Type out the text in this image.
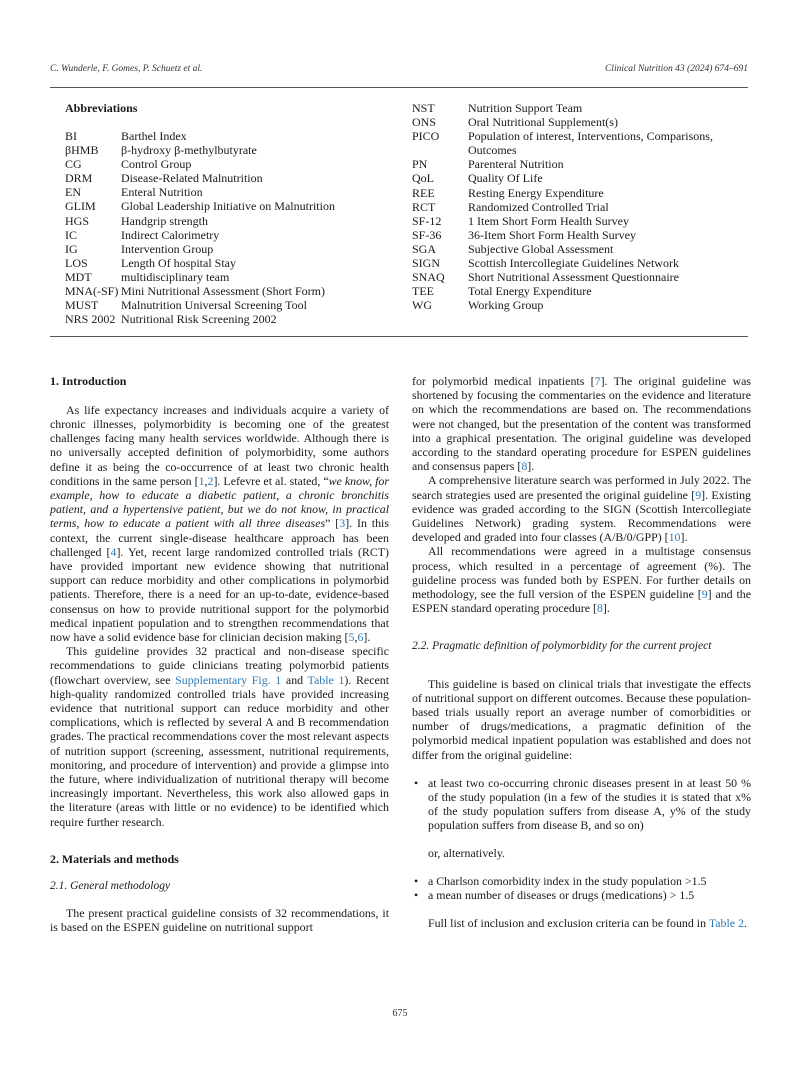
C. Wunderle, F. Gomes, P. Schuetz et al.	Clinical Nutrition 43 (2024) 674–691
Abbreviations
BI	Barthel Index
βHMB	β-hydroxy β-methylbutyrate
CG	Control Group
DRM	Disease-Related Malnutrition
EN	Enteral Nutrition
GLIM	Global Leadership Initiative on Malnutrition
HGS	Handgrip strength
IC	Indirect Calorimetry
IG	Intervention Group
LOS	Length Of hospital Stay
MDT	multidisciplinary team
MNA(-SF) Mini Nutritional Assessment (Short Form)
MUST	Malnutrition Universal Screening Tool
NRS 2002 Nutritional Risk Screening 2002
NST	Nutrition Support Team
ONS	Oral Nutritional Supplement(s)
PICO	Population of interest, Interventions, Comparisons, Outcomes
PN	Parenteral Nutrition
QoL	Quality Of Life
REE	Resting Energy Expenditure
RCT	Randomized Controlled Trial
SF-12	1 Item Short Form Health Survey
SF-36	36-Item Short Form Health Survey
SGA	Subjective Global Assessment
SIGN	Scottish Intercollegiate Guidelines Network
SNAQ	Short Nutritional Assessment Questionnaire
TEE	Total Energy Expenditure
WG	Working Group
1. Introduction

As life expectancy increases and individuals acquire a variety of chronic illnesses, polymorbidity is becoming one of the greatest challenges facing many health services worldwide. Although there is no universally accepted definition of polymorbidity, some authors define it as being the co-occurrence of at least two chronic health conditions in the same person [1,2]. Lefevre et al. stated, “we know, for example, how to educate a diabetic patient, a chronic bronchitis patient, and a hypertensive patient, but we do not know, in practical terms, how to educate a patient with all three diseases” [3]. In this context, the current single-disease healthcare approach has been challenged [4]. Yet, recent large randomized controlled trials (RCT) have provided important new evidence showing that nutritional support can reduce morbidity and other complications in polymorbid patients. Therefore, there is a need for an up-to-date, evidence-based consensus on how to provide nutritional support for the polymorbid medical inpatient population and to strengthen recommendations that now have a solid evidence base for clinician decision making [5,6].

This guideline provides 32 practical and non-disease specific recommendations to guide clinicians treating polymorbid patients (flowchart overview, see Supplementary Fig. 1 and Table 1). Recent high-quality randomized controlled trials have provided increasing evidence that nutritional support can reduce morbidity and other complications, which is reflected by several A and B recommendation grades. The practical recommendations cover the most relevant aspects of nutrition support (screening, assessment, nutritional requirements, monitoring, and procedure of intervention) and provide a glimpse into the future, where individualization of nutritional therapy will become increasingly important. Nevertheless, this work also allowed gaps in the literature (areas with little or no evidence) to be identified which require further research.

2. Materials and methods
2.1. General methodology

The present practical guideline consists of 32 recommendations, it is based on the ESPEN guideline on nutritional support

for polymorbid medical inpatients [7]. The original guideline was shortened by focusing the commentaries on the evidence and literature on which the recommendations are based on. The recommendations were not changed, but the presentation of the content was transformed into a graphical presentation. The original guideline was developed according to the standard operating procedure for ESPEN guidelines and consensus papers [8].

A comprehensive literature search was performed in July 2022. The search strategies used are presented the original guideline [9]. Existing evidence was graded according to the SIGN (Scottish Intercollegiate Guidelines Network) grading system. Recommendations were developed and graded into four classes (A/B/0/GPP) [10].

All recommendations were agreed in a multistage consensus process, which resulted in a percentage of agreement (%). The guideline process was funded both by ESPEN. For further details on methodology, see the full version of the ESPEN guideline [9] and the ESPEN standard operating procedure [8].

2.2. Pragmatic definition of polymorbidity for the current project

This guideline is based on clinical trials that investigate the effects of nutritional support on different outcomes. Because these population-based trials usually report an average number of comorbidities or number of drugs/medications, a pragmatic definition of the polymorbid medical inpatient population was established and does not differ from the original guideline:

• at least two co-occurring chronic diseases present in at least 50 % of the study population (in a few of the studies it is stated that x% of the study population suffers from disease A, y% of the study population suffers from disease B, and so on)

or, alternatively.

• a Charlson comorbidity index in the study population >1.5
• a mean number of diseases or drugs (medications) > 1.5

Full list of inclusion and exclusion criteria can be found in Table 2.

675
